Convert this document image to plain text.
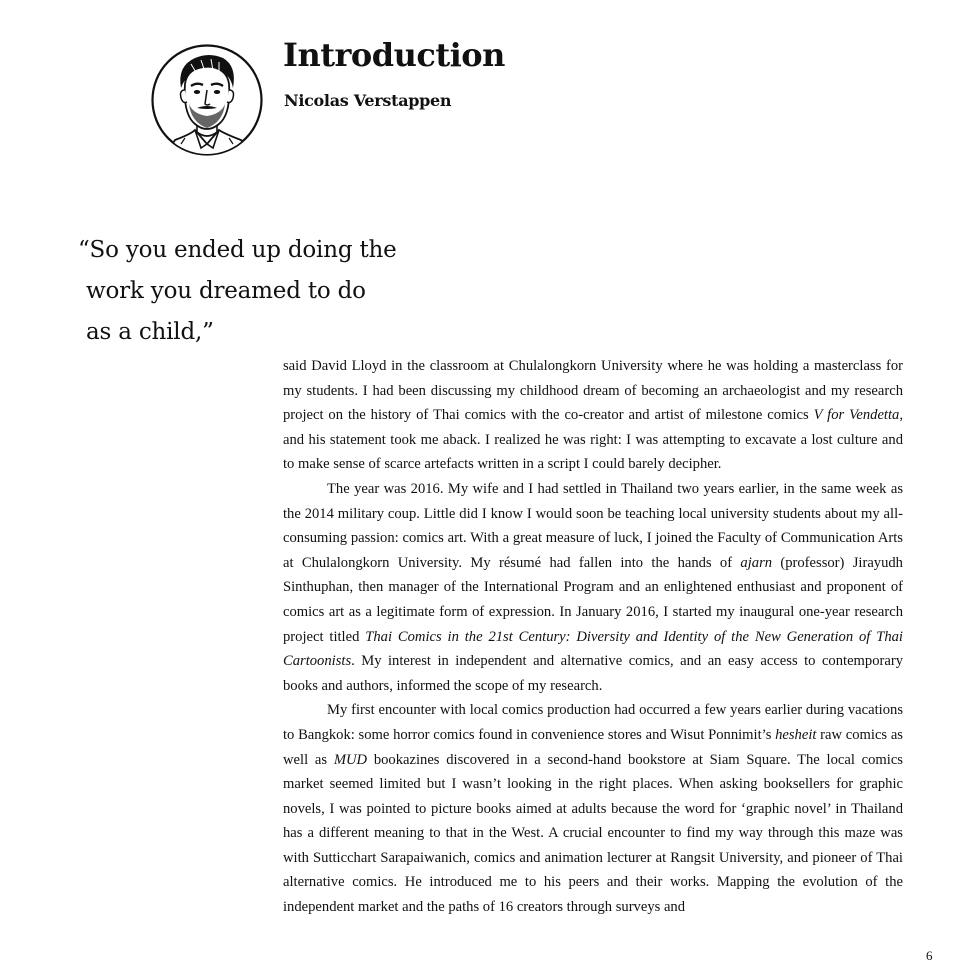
Introduction
Nicolas Verstappen
“So you ended up doing the
work you dreamed to do
as a child,”

said David Lloyd in the classroom at Chulalongkorn University where he was holding a masterclass for my students. I had been discussing my childhood dream of becoming an archaeologist and my research project on the history of Thai comics with the co-creator and artist of milestone comics V for Vendetta, and his statement took me aback. I realized he was right: I was attempting to excavate a lost culture and to make sense of scarce artefacts written in a script I could barely decipher.

The year was 2016. My wife and I had settled in Thailand two years earlier, in the same week as the 2014 military coup. Little did I know I would soon be teaching local university students about my all-consuming passion: comics art. With a great measure of luck, I joined the Faculty of Communication Arts at Chulalongkorn University. My résumé had fallen into the hands of ajarn (professor) Jirayudh Sinthuphan, then manager of the International Program and an enlightened enthusiast and proponent of comics art as a legitimate form of expression. In January 2016, I started my inaugural one-year research project titled Thai Comics in the 21st Century: Diversity and Identity of the New Generation of Thai Cartoonists. My interest in independent and alternative comics, and an easy access to contemporary books and authors, informed the scope of my research.

My first encounter with local comics production had occurred a few years earlier during vacations to Bangkok: some horror comics found in convenience stores and Wisut Ponnimit’s hesheit raw comics as well as MUD bookazines discovered in a second-hand bookstore at Siam Square. The local comics market seemed limited but I wasn’t looking in the right places. When asking booksellers for graphic novels, I was pointed to picture books aimed at adults because the word for ‘graphic novel’ in Thailand has a different meaning to that in the West. A crucial encounter to find my way through this maze was with Sutticchart Sarapaiwanich, comics and animation lecturer at Rangsit University, and pioneer of Thai alternative comics. He introduced me to his peers and their works. Mapping the evolution of the independent market and the paths of 16 creators through surveys and

6
